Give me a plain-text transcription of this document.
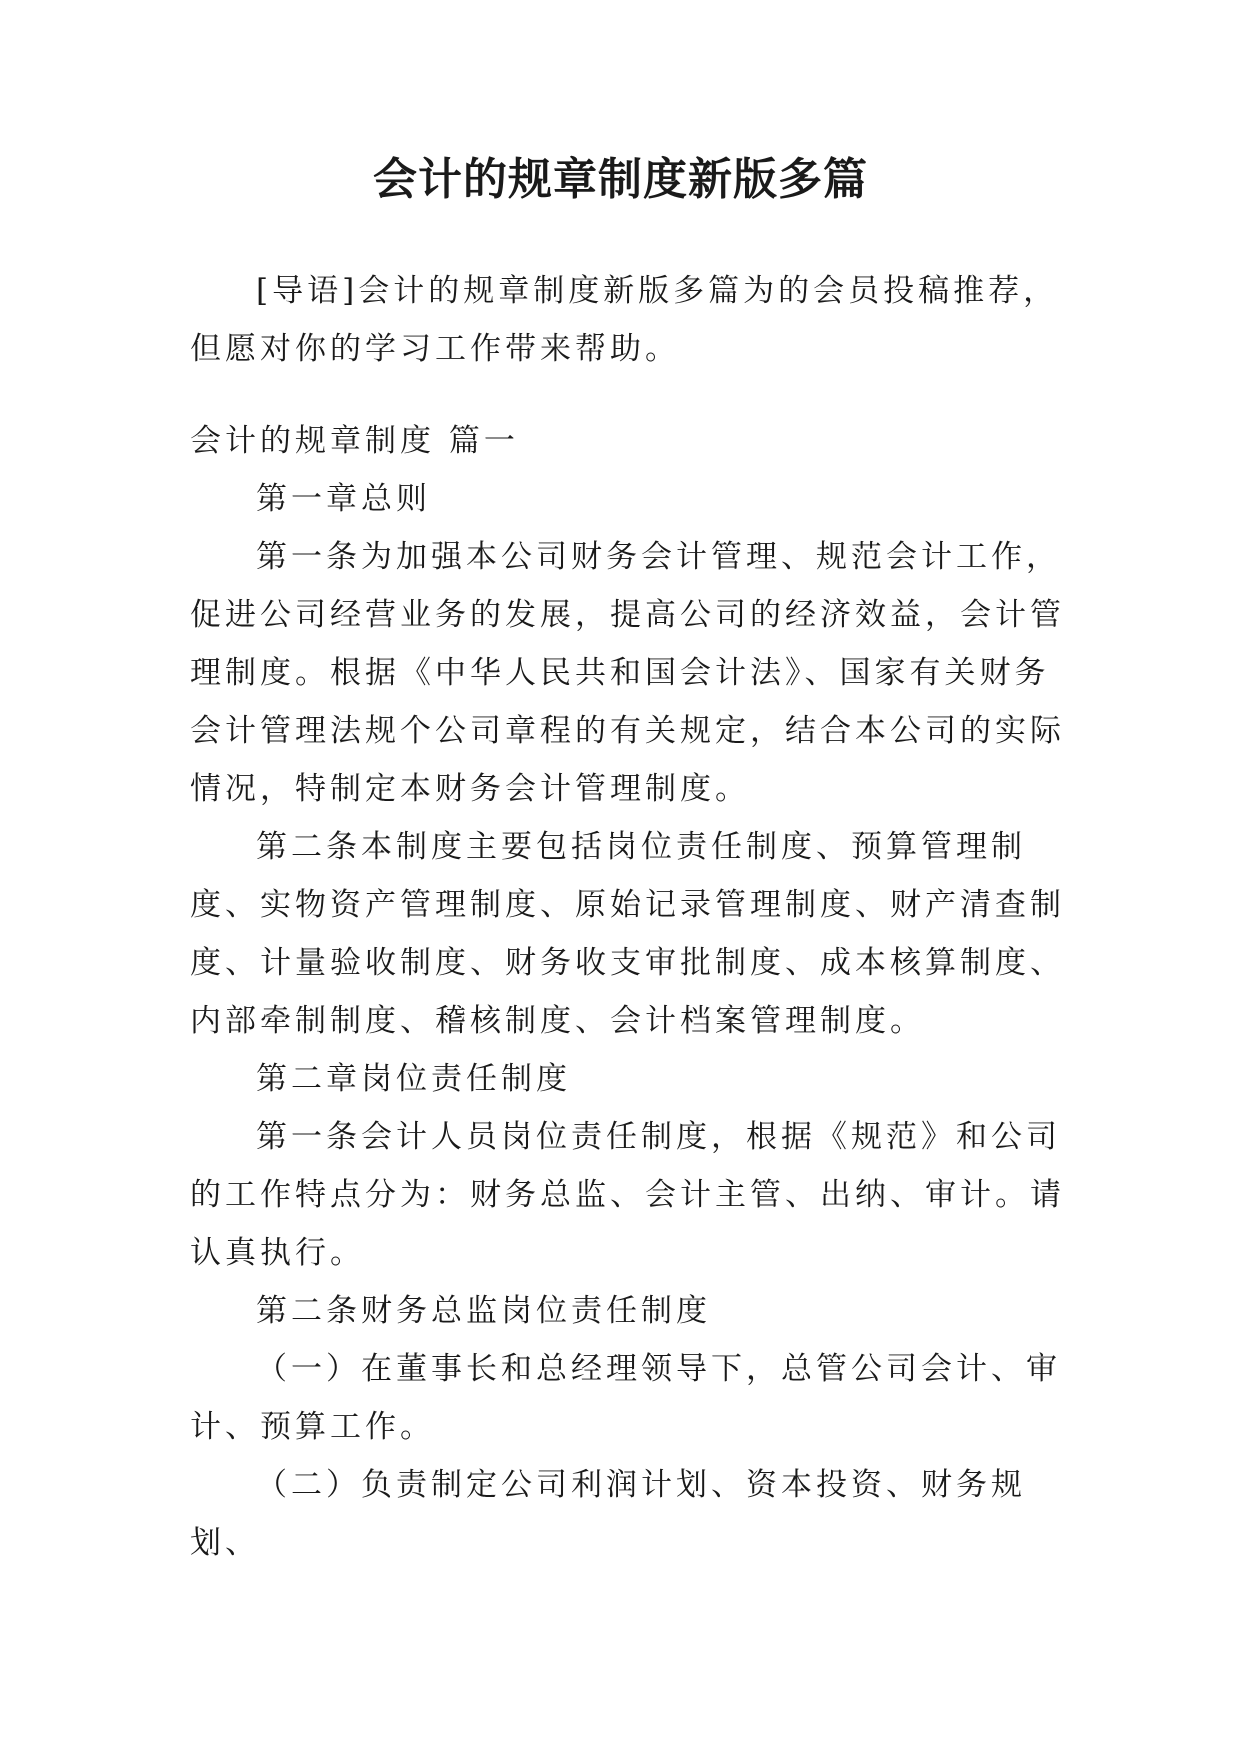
会计的规章制度新版多篇

[导语]会计的规章制度新版多篇为的会员投稿推荐，但愿对你的学习工作带来帮助。

会计的规章制度 篇一

第一章总则

第一条为加强本公司财务会计管理、规范会计工作，促进公司经营业务的发展，提高公司的经济效益，会计管理制度。根据《中华人民共和国会计法》、国家有关财务会计管理法规个公司章程的有关规定，结合本公司的实际情况，特制定本财务会计管理制度。

第二条本制度主要包括岗位责任制度、预算管理制度、实物资产管理制度、原始记录管理制度、财产清查制度、计量验收制度、财务收支审批制度、成本核算制度、内部牵制制度、稽核制度、会计档案管理制度。

第二章岗位责任制度

第一条会计人员岗位责任制度，根据《规范》和公司的工作特点分为：财务总监、会计主管、出纳、审计。请认真执行。

第二条财务总监岗位责任制度

（一）在董事长和总经理领导下，总管公司会计、审计、预算工作。

（二）负责制定公司利润计划、资本投资、财务规划、
